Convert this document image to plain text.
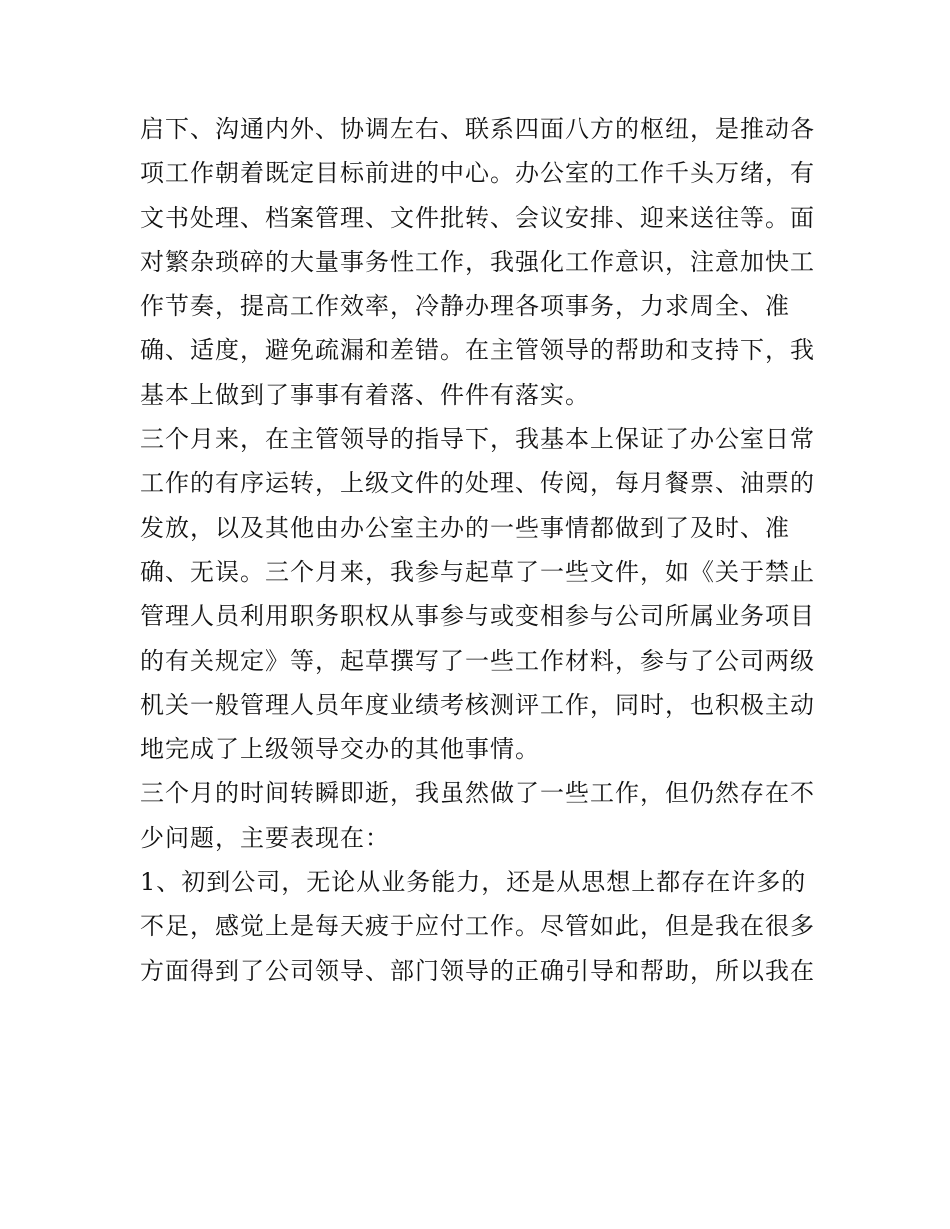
启下、沟通内外、协调左右、联系四面八方的枢纽，是推动各
项工作朝着既定目标前进的中心。办公室的工作千头万绪，有
文书处理、档案管理、文件批转、会议安排、迎来送往等。面
对繁杂琐碎的大量事务性工作，我强化工作意识，注意加快工
作节奏，提高工作效率，冷静办理各项事务，力求周全、准
确、适度，避免疏漏和差错。在主管领导的帮助和支持下，我
基本上做到了事事有着落、件件有落实。
三个月来，在主管领导的指导下，我基本上保证了办公室日常
工作的有序运转，上级文件的处理、传阅，每月餐票、油票的
发放，以及其他由办公室主办的一些事情都做到了及时、准
确、无误。三个月来，我参与起草了一些文件，如《关于禁止
管理人员利用职务职权从事参与或变相参与公司所属业务项目
的有关规定》等，起草撰写了一些工作材料，参与了公司两级
机关一般管理人员年度业绩考核测评工作，同时，也积极主动
地完成了上级领导交办的其他事情。
三个月的时间转瞬即逝，我虽然做了一些工作，但仍然存在不
少问题，主要表现在：
1、初到公司，无论从业务能力，还是从思想上都存在许多的
不足，感觉上是每天疲于应付工作。尽管如此，但是我在很多
方面得到了公司领导、部门领导的正确引导和帮助，所以我在
